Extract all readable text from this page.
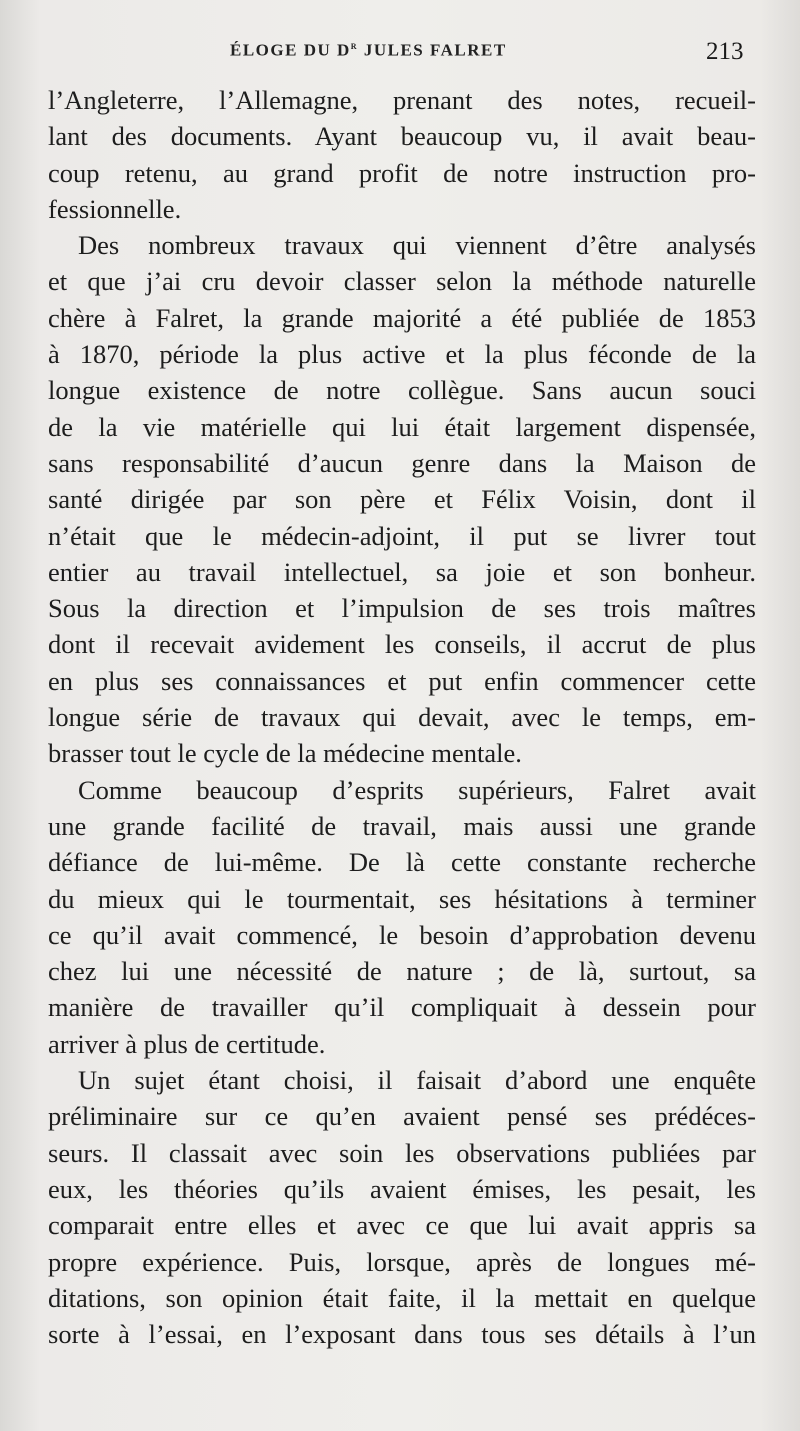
ÉLOGE DU $D^r$ JULES FALRET	213
l’Angleterre, l’Allemagne, prenant des notes, recueil-
lant des documents. Ayant beaucoup vu, il avait beau-
coup retenu, au grand profit de notre instruction pro-
fessionnelle.
Des nombreux travaux qui viennent d’être analysés
et que j’ai cru devoir classer selon la méthode naturelle
chère à Falret, la grande majorité a été publiée de 1853
à 1870, période la plus active et la plus féconde de la
longue existence de notre collègue. Sans aucun souci
de la vie matérielle qui lui était largement dispensée,
sans responsabilité d’aucun genre dans la Maison de
santé dirigée par son père et Félix Voisin, dont il
n’était que le médecin-adjoint, il put se livrer tout
entier au travail intellectuel, sa joie et son bonheur.
Sous la direction et l’impulsion de ses trois maîtres
dont il recevait avidement les conseils, il accrut de plus
en plus ses connaissances et put enfin commencer cette
longue série de travaux qui devait, avec le temps, em-
brasser tout le cycle de la médecine mentale.
Comme beaucoup d’esprits supérieurs, Falret avait
une grande facilité de travail, mais aussi une grande
défiance de lui-même. De là cette constante recherche
du mieux qui le tourmentait, ses hésitations à terminer
ce qu’il avait commencé, le besoin d’approbation devenu
chez lui une nécessité de nature ; de là, surtout, sa
manière de travailler qu’il compliquait à dessein pour
arriver à plus de certitude.
Un sujet étant choisi, il faisait d’abord une enquête
préliminaire sur ce qu’en avaient pensé ses prédéces-
seurs. Il classait avec soin les observations publiées par
eux, les théories qu’ils avaient émises, les pesait, les
comparait entre elles et avec ce que lui avait appris sa
propre expérience. Puis, lorsque, après de longues mé-
ditations, son opinion était faite, il la mettait en quelque
sorte à l’essai, en l’exposant dans tous ses détails à l’un
